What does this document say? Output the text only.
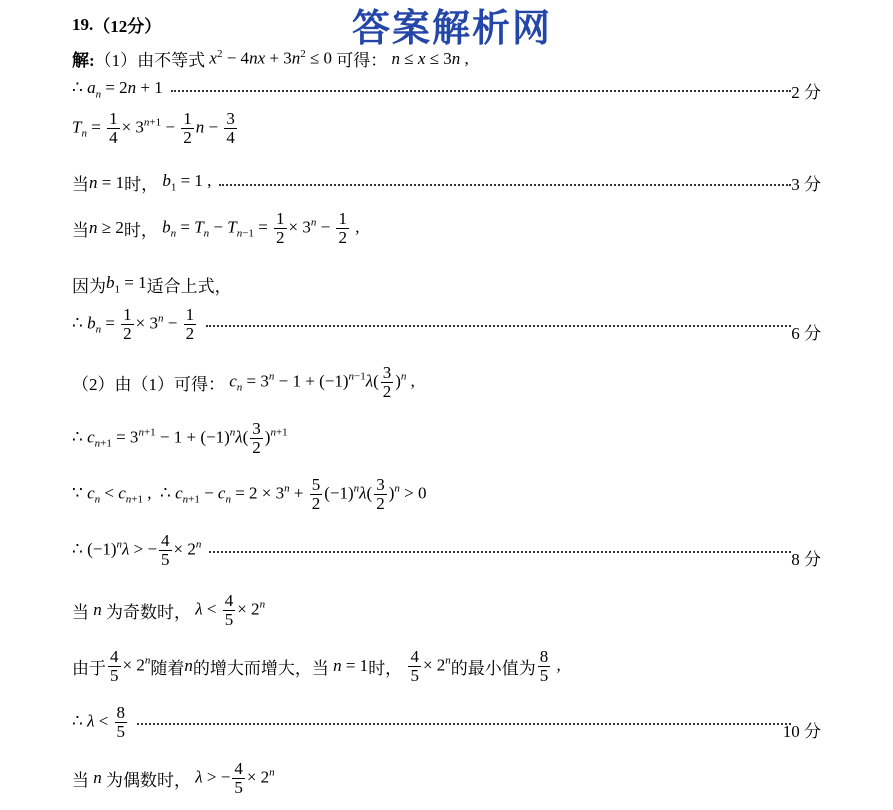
答案解析网
19. （12分）
解: （1）由不等式 $x^2 - 4nx + 3n^2 \le 0$ 可得： n ≤ x ≤ 3n ,
∴ $a_n = 2n + 1$	2 分
$T_n = \frac{1}{4} \times 3^{n+1} - \frac{1}{2}$ $n - \frac{3}{4}$
当 n = 1 时， $b_1 = 1$ ,	3 分
当 n ≥ 2 时， $b_n = T_n - T_{n-1} = \frac{1}{2} \times 3^n - \frac{1}{2}$ ,
因为 $b_1 = 1$ 适合上式，
∴ $b_n = \frac{1}{2} \times 3^n - \frac{1}{2}$	6 分
（2）由（1）可得： $c_n = 3^n - 1 + (-1)^{n-1}\lambda( \frac{3}{2} )^n$ ,
∴ $c_{n+1} = 3^{n+1} - 1 + (-1)^n\lambda( \frac{3}{2} )^{n+1}$
∵ $c_n < c_{n+1}$ ,  ∴ $c_{n+1} - c_n = 2 \times 3^n + \frac{5}{2} (-1)^n\lambda( \frac{3}{2} )^n > 0$
∴ $(-1)^n\lambda$ > − $\frac{4}{5} \times 2^n$
8 分
当 n 为奇数时， $\lambda < \frac{4}{5} \times 2^n$
由于 $\frac{4}{5} \times 2^n$ 随着 n 的增大而增大，当 n = 1 时，
$\frac{4}{5} \times 2^n$ 的最小值为 $\frac{8}{5}$ ,
∴ $\lambda < \frac{8}{5}$	10 分
当 n 为偶数时， λ > − $\frac{4}{5} \times 2^n$
